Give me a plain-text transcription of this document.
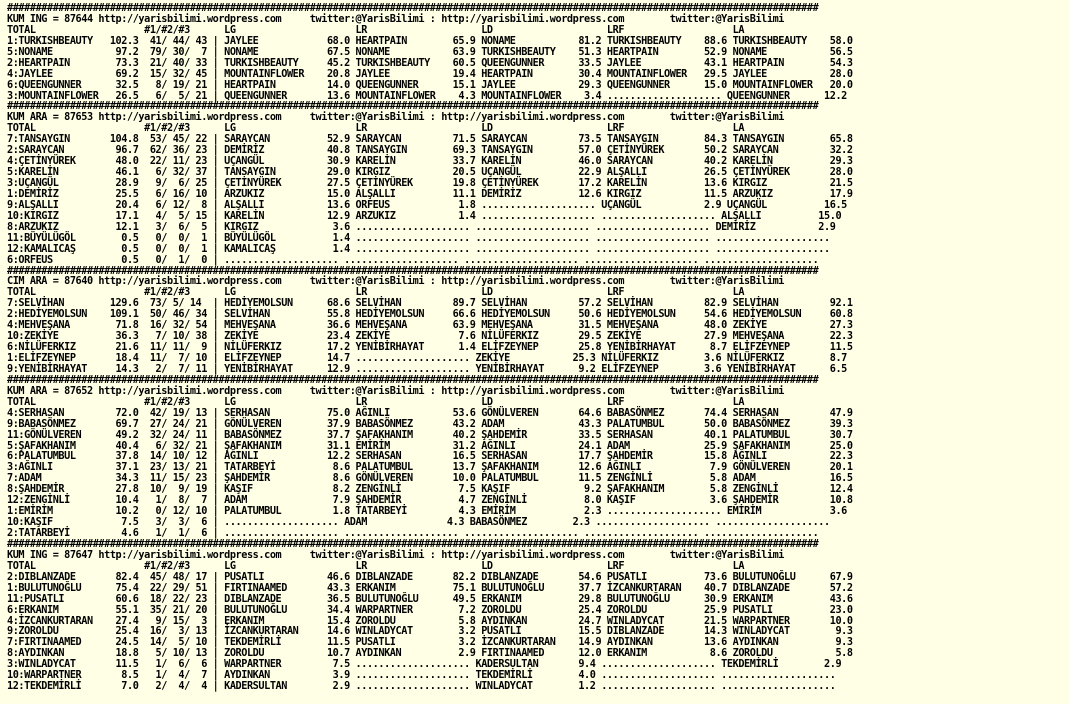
##############################################################################################################################################
KUM ING = 87644 http://yarisbilimi.wordpress.com     twitter:@YarisBilimi : http://yarisbilimi.wordpress.com        twitter:@YarisBilimi
TOTAL                   #1/#2/#3      LG                     LR                    LD                    LRF                   LA
1:TURKISHBEAUTY   102.3  41/ 44/ 43 | JAYLEE            68.0 HEARTPAIN        65.9 NONAME           81.2 TURKISHBEAUTY    88.6 TURKISHBEAUTY    58.0
5:NONAME           97.2  79/ 30/  7 | NONAME            67.5 NONAME           63.9 TURKISHBEAUTY    51.3 HEARTPAIN        52.9 NONAME           56.5
2:HEARTPAIN        73.3  21/ 40/ 33 | TURKISHBEAUTY     45.2 TURKISHBEAUTY    60.5 QUEENGUNNER      33.5 JAYLEE           43.1 HEARTPAIN        54.3
4:JAYLEE           69.2  15/ 32/ 45 | MOUNTAINFLOWER    20.8 JAYLEE           19.4 HEARTPAIN        30.4 MOUNTAINFLOWER   29.5 JAYLEE           28.0
6:QUEENGUNNER      32.5   8/ 19/ 21 | HEARTPAIN         14.0 QUEENGUNNER      15.1 JAYLEE           29.3 QUEENGUNNER      15.0 MOUNTAINFLOWER   20.0
3:MOUNTAINFLOWER   26.5   6/  5/ 21 | QUEENGUNNER       13.6 MOUNTAINFLOWER    4.3 MOUNTAINFLOWER    3.4 .................... QUEENGUNNER      12.2
##############################################################################################################################################
KUM ARA = 87653 http://yarisbilimi.wordpress.com     twitter:@YarisBilimi : http://yarisbilimi.wordpress.com        twitter:@YarisBilimi
TOTAL                   #1/#2/#3      LG                     LR                    LD                    LRF                   LA
7:TANSAYGIN       104.8  53/ 45/ 22 | SARAYCAN          52.9 SARAYCAN         71.5 SARAYCAN         73.5 TANSAYGIN        84.3 TANSAYGIN        65.8
2:SARAYCAN         96.7  62/ 36/ 23 | DEMİRİZ           40.8 TANSAYGIN        69.3 TANSAYGIN        57.0 ÇETİNYÜREK       50.2 SARAYCAN         32.2
4:ÇETİNYÜREK       48.0  22/ 11/ 23 | UÇANGÜL           30.9 KARELİN          33.7 KARELİN          46.0 SARAYCAN         40.2 KARELİN          29.3
5:KARELİN          46.1   6/ 32/ 37 | TANSAYGIN         29.0 KIRGIZ           20.5 UÇANGÜL          22.9 ALŞALLI          26.5 ÇETİNYÜREK       28.0
3:UÇANGÜL          28.9   9/  6/ 25 | ÇETİNYÜREK        27.5 ÇETİNYÜREK       19.8 ÇETİNYÜREK       17.2 KARELİN          13.6 KIRGIZ           21.5
1:DEMİRİZ          25.5   6/ 16/ 10 | ARZUKIZ           15.0 ALŞALLI          11.1 DEMİRİZ          12.6 KIRGIZ           11.5 ARZUKIZ          17.9
9:ALŞALLI          20.4   6/ 12/  8 | ALŞALLI           13.6 ORFEUS            1.8 .................... UÇANGÜL           2.9 UÇANGÜL          16.5
10:KIRGIZ          17.1   4/  5/ 15 | KARELİN           12.9 ARZUKIZ           1.4 .................... .................... ALŞALLI          15.0
8:ARZUKIZ          12.1   3/  6/  5 | KIRGIZ             3.6 .................... .................... .................... DEMİRİZ           2.9
11:BÜYÜLÜGÖL        0.5   0/  0/  1 | BÜYÜLÜGÖL          1.4 .................... .................... .................... ....................
12:KAMALICAŞ        0.5   0/  0/  1 | KAMALICAŞ          1.4 .................... .................... .................... ....................
6:ORFEUS            0.5   0/  1/  0 | .................... .................... .................... .................... ....................
##############################################################################################################################################
CIM ARA = 87640 http://yarisbilimi.wordpress.com     twitter:@YarisBilimi : http://yarisbilimi.wordpress.com        twitter:@YarisBilimi
TOTAL                   #1/#2/#3      LG                     LR                    LD                    LRF                   LA
7:SELVİHAN        129.6  73/ 5/ 14  | HEDİYEMOLSUN      68.6 SELVİHAN         89.7 SELVİHAN         57.2 SELVİHAN         82.9 SELVİHAN         92.1
2:HEDİYEMOLSUN    109.1  50/ 46/ 34 | SELVİHAN          55.8 HEDİYEMOLSUN     66.6 HEDİYEMOLSUN     50.6 HEDİYEMOLSUN     54.6 HEDİYEMOLSUN     60.8
4:MEHVEŞANA        71.8  16/ 32/ 54 | MEHVEŞANA         36.6 MEHVEŞANA        63.9 MEHVEŞANA        31.5 MEHVEŞANA        48.0 ZEKİYE           27.3
10:ZEKİYE          36.3   7/ 10/ 38 | ZEKİYE            23.4 ZEKİYE            7.6 NİLÜFERKIZ       29.5 ZEKİYE           27.9 MEHVEŞANA        22.3
6:NİLÜFERKIZ       21.6  11/ 11/  9 | NİLÜFERKIZ        17.2 YENİBİRHAYAT      1.4 ELİFZEYNEP       25.8 YENİBİRHAYAT      8.7 ELİFZEYNEP       11.5
1:ELİFZEYNEP       18.4  11/  7/ 10 | ELİFZEYNEP        14.7 .................... ZEKİYE           25.3 NİLÜFERKIZ        3.6 NİLÜFERKIZ        8.7
9:YENİBİRHAYAT     14.3   2/  7/ 11 | YENİBİRHAYAT      12.9 .................... YENİBİRHAYAT      9.2 ELİFZEYNEP        3.6 YENİBİRHAYAT      6.5
##############################################################################################################################################
KUM ARA = 87652 http://yarisbilimi.wordpress.com     twitter:@YarisBilimi : http://yarisbilimi.wordpress.com        twitter:@YarisBilimi
TOTAL                   #1/#2/#3      LG                     LR                    LD                    LRF                   LA
4:SERHASAN         72.0  42/ 19/ 13 | SERHASAN          75.0 AĞINLI           53.6 GÖNÜLVEREN       64.6 BABASÖNMEZ       74.4 SERHASAN         47.9
9:BABASÖNMEZ       69.7  27/ 24/ 21 | GÖNÜLVEREN        37.9 BABASÖNMEZ       43.2 ADAM             43.3 PALATUMBUL       50.0 BABASÖNMEZ       39.3
11:GÖNÜLVEREN      49.2  32/ 24/ 11 | BABASÖNMEZ        37.7 ŞAFAKHANIM       40.2 ŞAHDEMİR         33.5 SERHASAN         40.1 PALATUMBUL       30.7
5:ŞAFAKHANIM       40.4   6/ 32/ 21 | ŞAFAKHANIM        31.1 EMİRİM           31.2 AĞINLI           24.1 ADAM             25.9 ŞAFAKHANIM       25.0
6:PALATUMBUL       37.8  14/ 10/ 12 | AĞINLI            12.2 SERHASAN         16.5 SERHASAN         17.7 ŞAHDEMİR         15.8 AĞINLI           22.3
3:AĞINLI           37.1  23/ 13/ 21 | TATARBEYİ          8.6 PALATUMBUL       13.7 ŞAFAKHANIM       12.6 AĞINLI            7.9 GÖNÜLVEREN       20.1
7:ADAM             34.3  11/ 15/ 23 | ŞAHDEMİR           8.6 GÖNÜLVEREN       10.0 PALATUMBUL       11.5 ZENGİNLİ          5.8 ADAM             16.5
8:ŞAHDEMİR         27.8  10/  9/ 19 | KAŞIF              8.2 ZENGİNLİ          7.5 KAŞIF             9.2 ŞAFAKHANIM        5.8 ZENGİNLİ         12.4
12:ZENGİNLİ        10.4   1/  8/  7 | ADAM               7.9 ŞAHDEMİR          4.7 ZENGİNLİ          8.0 KAŞIF             3.6 ŞAHDEMİR         10.8
1:EMİRİM           10.2   0/ 12/ 10 | PALATUMBUL         1.8 TATARBEYİ         4.3 EMİRİM            2.3 .................... EMİRİM            3.6
10:KAŞIF            7.5   3/  3/  6 | .................... ADAM              4.3 BABASÖNMEZ        2.3 .................... ....................
2:TATARBEYİ         4.6   1/  1/  6 | .................... .................... .................... .................... ....................
##############################################################################################################################################
KUM ING = 87647 http://yarisbilimi.wordpress.com     twitter:@YarisBilimi : http://yarisbilimi.wordpress.com        twitter:@YarisBilimi
TOTAL                   #1/#2/#3      LG                     LR                    LD                    LRF                   LA
2:DIBLANZADE       82.4  45/ 48/ 17 | PUSATLI           46.6 DIBLANZADE       82.2 DIBLANZADE       54.6 PUSATLI          73.6 BULUTUNOĞLU      67.9
1:BULUTUNOĞLU      75.4  22/ 29/ 51 | FIRTINAAMED       43.3 ERKANIM          75.1 BULUTUNOĞLU      37.7 İZCANKURTARAN    40.7 DIBLANZADE       57.2
11:PUSATLI         60.6  18/ 22/ 23 | DIBLANZADE        36.5 BULUTUNOĞLU      49.5 ERKANIM          29.8 BULUTUNOĞLU      30.9 ERKANIM          43.6
6:ERKANIM          55.1  35/ 21/ 20 | BULUTUNOĞLU       34.4 WARPARTNER        7.2 ZOROLDU          25.4 ZOROLDU          25.9 PUSATLI          23.0
4:İZCANKURTARAN    27.4   9/ 15/  3 | ERKANIM           15.4 ZOROLDU           5.8 AYDINKAN         24.7 WINLADYCAT       21.5 WARPARTNER       10.0
9:ZOROLDU          25.4  16/  3/ 13 | İZCANKURTARAN     14.6 WINLADYCAT        3.2 PUSATLI          15.5 DIBLANZADE       14.3 WINLADYCAT        9.3
7:FIRTINAAMED      24.5  14/  5/ 10 | TEKDEMİRLİ        11.5 PUSATLI           3.2 İZCANKURTARAN    14.9 AYDINKAN         13.6 AYDINKAN          9.3
8:AYDINKAN         18.8   5/ 10/ 13 | ZOROLDU           10.7 AYDINKAN          2.9 FIRTINAAMED      12.0 ERKANIM           8.6 ZOROLDU           5.8
3:WINLADYCAT       11.5   1/  6/  6 | WARPARTNER         7.5 .................... KADERSULTAN       9.4 .................... TEKDEMİRLİ        2.9
10:WARPARTNER       8.5   1/  4/  7 | AYDINKAN           3.9 .................... TEKDEMİRLİ        4.0 .................... ....................
12:TEKDEMİRLİ       7.0   2/  4/  4 | KADERSULTAN        2.9 .................... WINLADYCAT        1.2 .................... ....................
